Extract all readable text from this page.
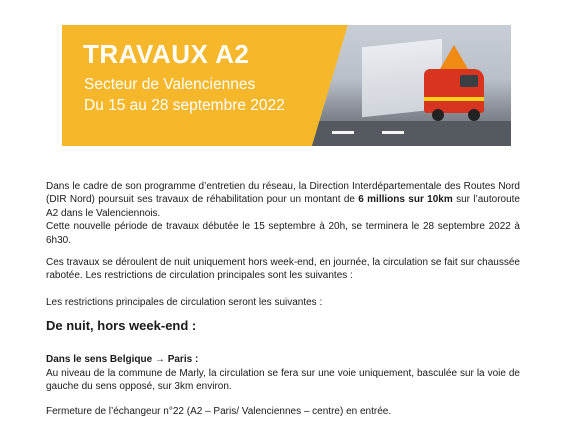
TRAVAUX A2
Secteur de Valenciennes
Du 15 au 28 septembre 2022

Dans le cadre de son programme d’entretien du réseau, la Direction Interdépartementale des Routes Nord (DIR Nord) poursuit ses travaux de réhabilitation pour un montant de 6 millions sur 10km sur l’autoroute A2 dans le Valenciennois.

Cette nouvelle période de travaux débutée le 15 septembre à 20h, se terminera le 28 septembre 2022 à 6h30.

Ces travaux se déroulent de nuit uniquement hors week-end, en journée, la circulation se fait sur chaussée rabotée. Les restrictions de circulation principales sont les suivantes :

Les restrictions principales de circulation seront les suivantes :

De nuit, hors week-end :
Dans le sens Belgique → Paris :

Au niveau de la commune de Marly, la circulation se fera sur une voie uniquement, basculée sur la voie de gauche du sens opposé, sur 3km environ.

Fermeture de l’échangeur n°22 (A2 – Paris/ Valenciennes – centre) en entrée.
